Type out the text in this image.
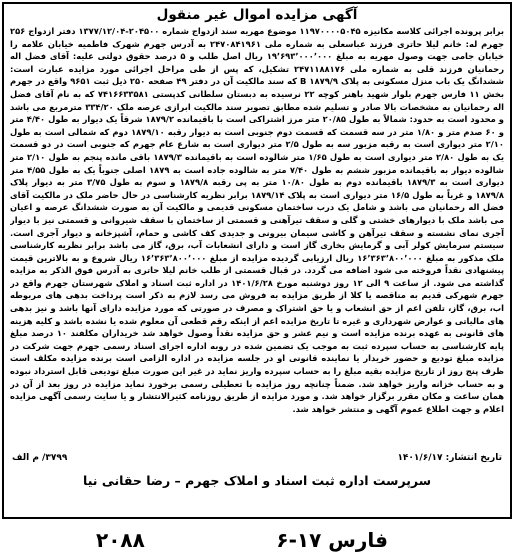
آگهی مزایده اموال غیر منقول

برابر پرونده اجرائی کلاسه مکانیزه ۱۱۹۷۰۰۰۰۵۰۴۵ موضوع مهریه سند ازدواج شماره ۲۰۴۵۰۰-۱۳۷۷/۱۲/۰۴ دفتر ازدواج ۲۵۶ جهرم له: خانم لیلا حاتری فرزند عباسعلی به شماره ملی ۲۴۷۰۸۴۱۹۶۱ به آدرس جهرم شهرک فاطمیه خیابان علامه را خیابان جامی جهت وصول مهریه به مبلغ ۱۹٬۶۹۳٬۰۰۰٬۰۰۰ ریال اصل طلب و ۵ درصد حقوق دولتی علیه: آقای فضل اله رحمانیان فرزند قلی به شماره ملی ۲۴۷۱۱۸۸۱۷۶ تشکیل، که پس از طی مراحل اجرائی مورد مزایده عبارت است: ششدانگ یک باب منزل مسکونی به پلاک B ۱۸۷۹/۹ که سند مالکیت آن در دفتر ۴۹ صفحه ۲۵۰ ذیل ثبت ۹۶۵۱ واقع در جهرم بخش ۱۱ فارس جهرم بلوار شهید باهنر کوچه ۲۲ نرسیده به دبستان سلطانی کدپستی ۷۴۱۶۶۳۳۵۸۱ که به نام آقای فضل اله رحمانیان به مشخصات بالا صادر و تسلیم شده مطابق تصویر سند مالکیت ابرازی عرصه ملک ۳۳۴/۲۰ مترمربع می باشد و محدود است به حدود: شمالاً به طول ۲۰/۸۵ متر مرز اشتراکی است با باقیمانده ۱۸۷۹/۲ شرقاً یک دیوار به طول ۴/۴۰ متر و ۶۰ صدم متر و ۱/۸۰ متر در سه قسمت که قسمت دوم جنوبی است به دیوار رقبه ۱۸۷۹/۱۰ دوم که شمالی است به طول ۲/۱۰ متر دیواری است به رقبه مزبور سه به طول ۲/۵ متر دیواری است به شارع عام جهرم که جنوبی است در دو قسمت یک به طول ۲/۸۰ متر دیواری است به طول ۱/۶۵ متر شالوده است به باقیمانده ۱۸۷۹/۳ باقی مانده پنجم به طول ۲/۱۰ متر شالوده دیوار به باقیمانده مزبور ششم به طول ۷/۴۰ متر به شالوده جاده است به ۱۸۷۹ اصلی جنوباً یک به طول ۴/۵۵ متر دیواری است به ۱۸۷۹/۳ باقیمانده دوم به طول ۱۰/۸۰ متر به پی رقبه ۱۸۷۹/۸ و سوم به طول ۳/۷۵ متر به دیوار پلاک ۱۸۷۹/۸ و غرباً به طول ۱۶/۵ متر دیواری است به پلاک ۱۸۷۹/۱۴ برابر نظریه کارشناسی در حال حاضر ملک در مالکیت آقای فضل اله رحمانیان می باشد و شامل یک درب ساختمان مسکونی قدیمی و مالکیت آن به صورت ششدانگ عرصه و اعیان می باشد ملک با دیوارهای خشتی و گلی و سقف تیرآهنی و قسمتی از ساختمان با سقف شیروانی و قسمتی نیز با دیوار آجری نمای نشسته و سقف تیرآهن و کاشی سیمان بیرونی و جدیدی کف کاشی و حمام، آشپزخانه و دیوار آجری است. سیستم سرمایش کولر آبی و گرمایش بخاری گاز است و دارای انشعابات آب، برق، گاز می باشد برابر نظریه کارشناسی ملک مذکور به مبلغ ۱۶٬۳۶۳٬۸۰۰٬۰۰۰ ریال ارزیابی گردیده مزایده از مبلغ ۱۶٬۳۶۳٬۸۰۰٬۰۰۰ ریال شروع و به بالاترین قیمت پیشنهادی نقداً فروخته می شود اضافه می گردد. در قبال قسمتی از طلب خانم لیلا حاتری به آدرس فوق الذکر به مزایده گذاشته می شود. از ساعت ۹ الی ۱۲ روز دوشنبه مورخ ۱۴۰۱/۶/۲۸ در اداره ثبت اسناد و املاک شهرستان جهرم واقع در جهرم شهرکی قدیم به مناقصه یا کلا از طریق مزایده به فروش می رسد لازم به ذکر است پرداخت بدهی های مربوطه اب، برق، گاز، تلفن اعم از حق انشعاب و یا حق اشتراک و مصرف در صورتی که مورد مزایده دارای آنها باشد و نیز بدهی های مالیاتی و عوارض شهرداری و غیره تا تاریخ مزایده اعم از اینکه رقم قطعی آن معلوم شده یا نشده باشد و کلیه هزینه های قانونی به عهده برنده مزایده است و نیم عشر و حق مزایده نقداً وصول خواهد شد خریداران مکلفند ۱۰ درصد مبلغ پایه کارشناسی به حساب سپرده ثبت به موجب یک تضمین شده در روبه اداره اجرای اسناد رسمی جهرم جهت شرکت در مزایده مبلغ تودیع و حضور خریدار یا نماینده قانونی او در جلسه مزایده در اداره الزامی است برنده مزایده مکلف است ظرف پنج روز از تاریخ مزایده بقیه مبلغ را به حساب سپرده واریز نماید در غیر این صورت مبلغ تودیعی قابل استرداد نبوده و به حساب خزانه واریز خواهد شد. ضمناً چنانچه روز مزایده با تعطیلی رسمی برخورد نماید مزایده در روز بعد از آن در همان ساعت و مکان مقرر برگزار خواهد شد. و مورد مزایده از طریق روزنامه کثیرالانتشار و یا سایت رسمی آگهی مزایده اعلام و جهت اطلاع عموم آگهی و منتشر خواهد شد.

تاریخ انتشار: ۱۴۰۱/۶/۱۷
۳۷۹۹/ م الف
سرپرست اداره ثبت اسناد و املاک جهرم – رضا حقانی نیا
۲۰۸۸	فارس ۱۷-۶
